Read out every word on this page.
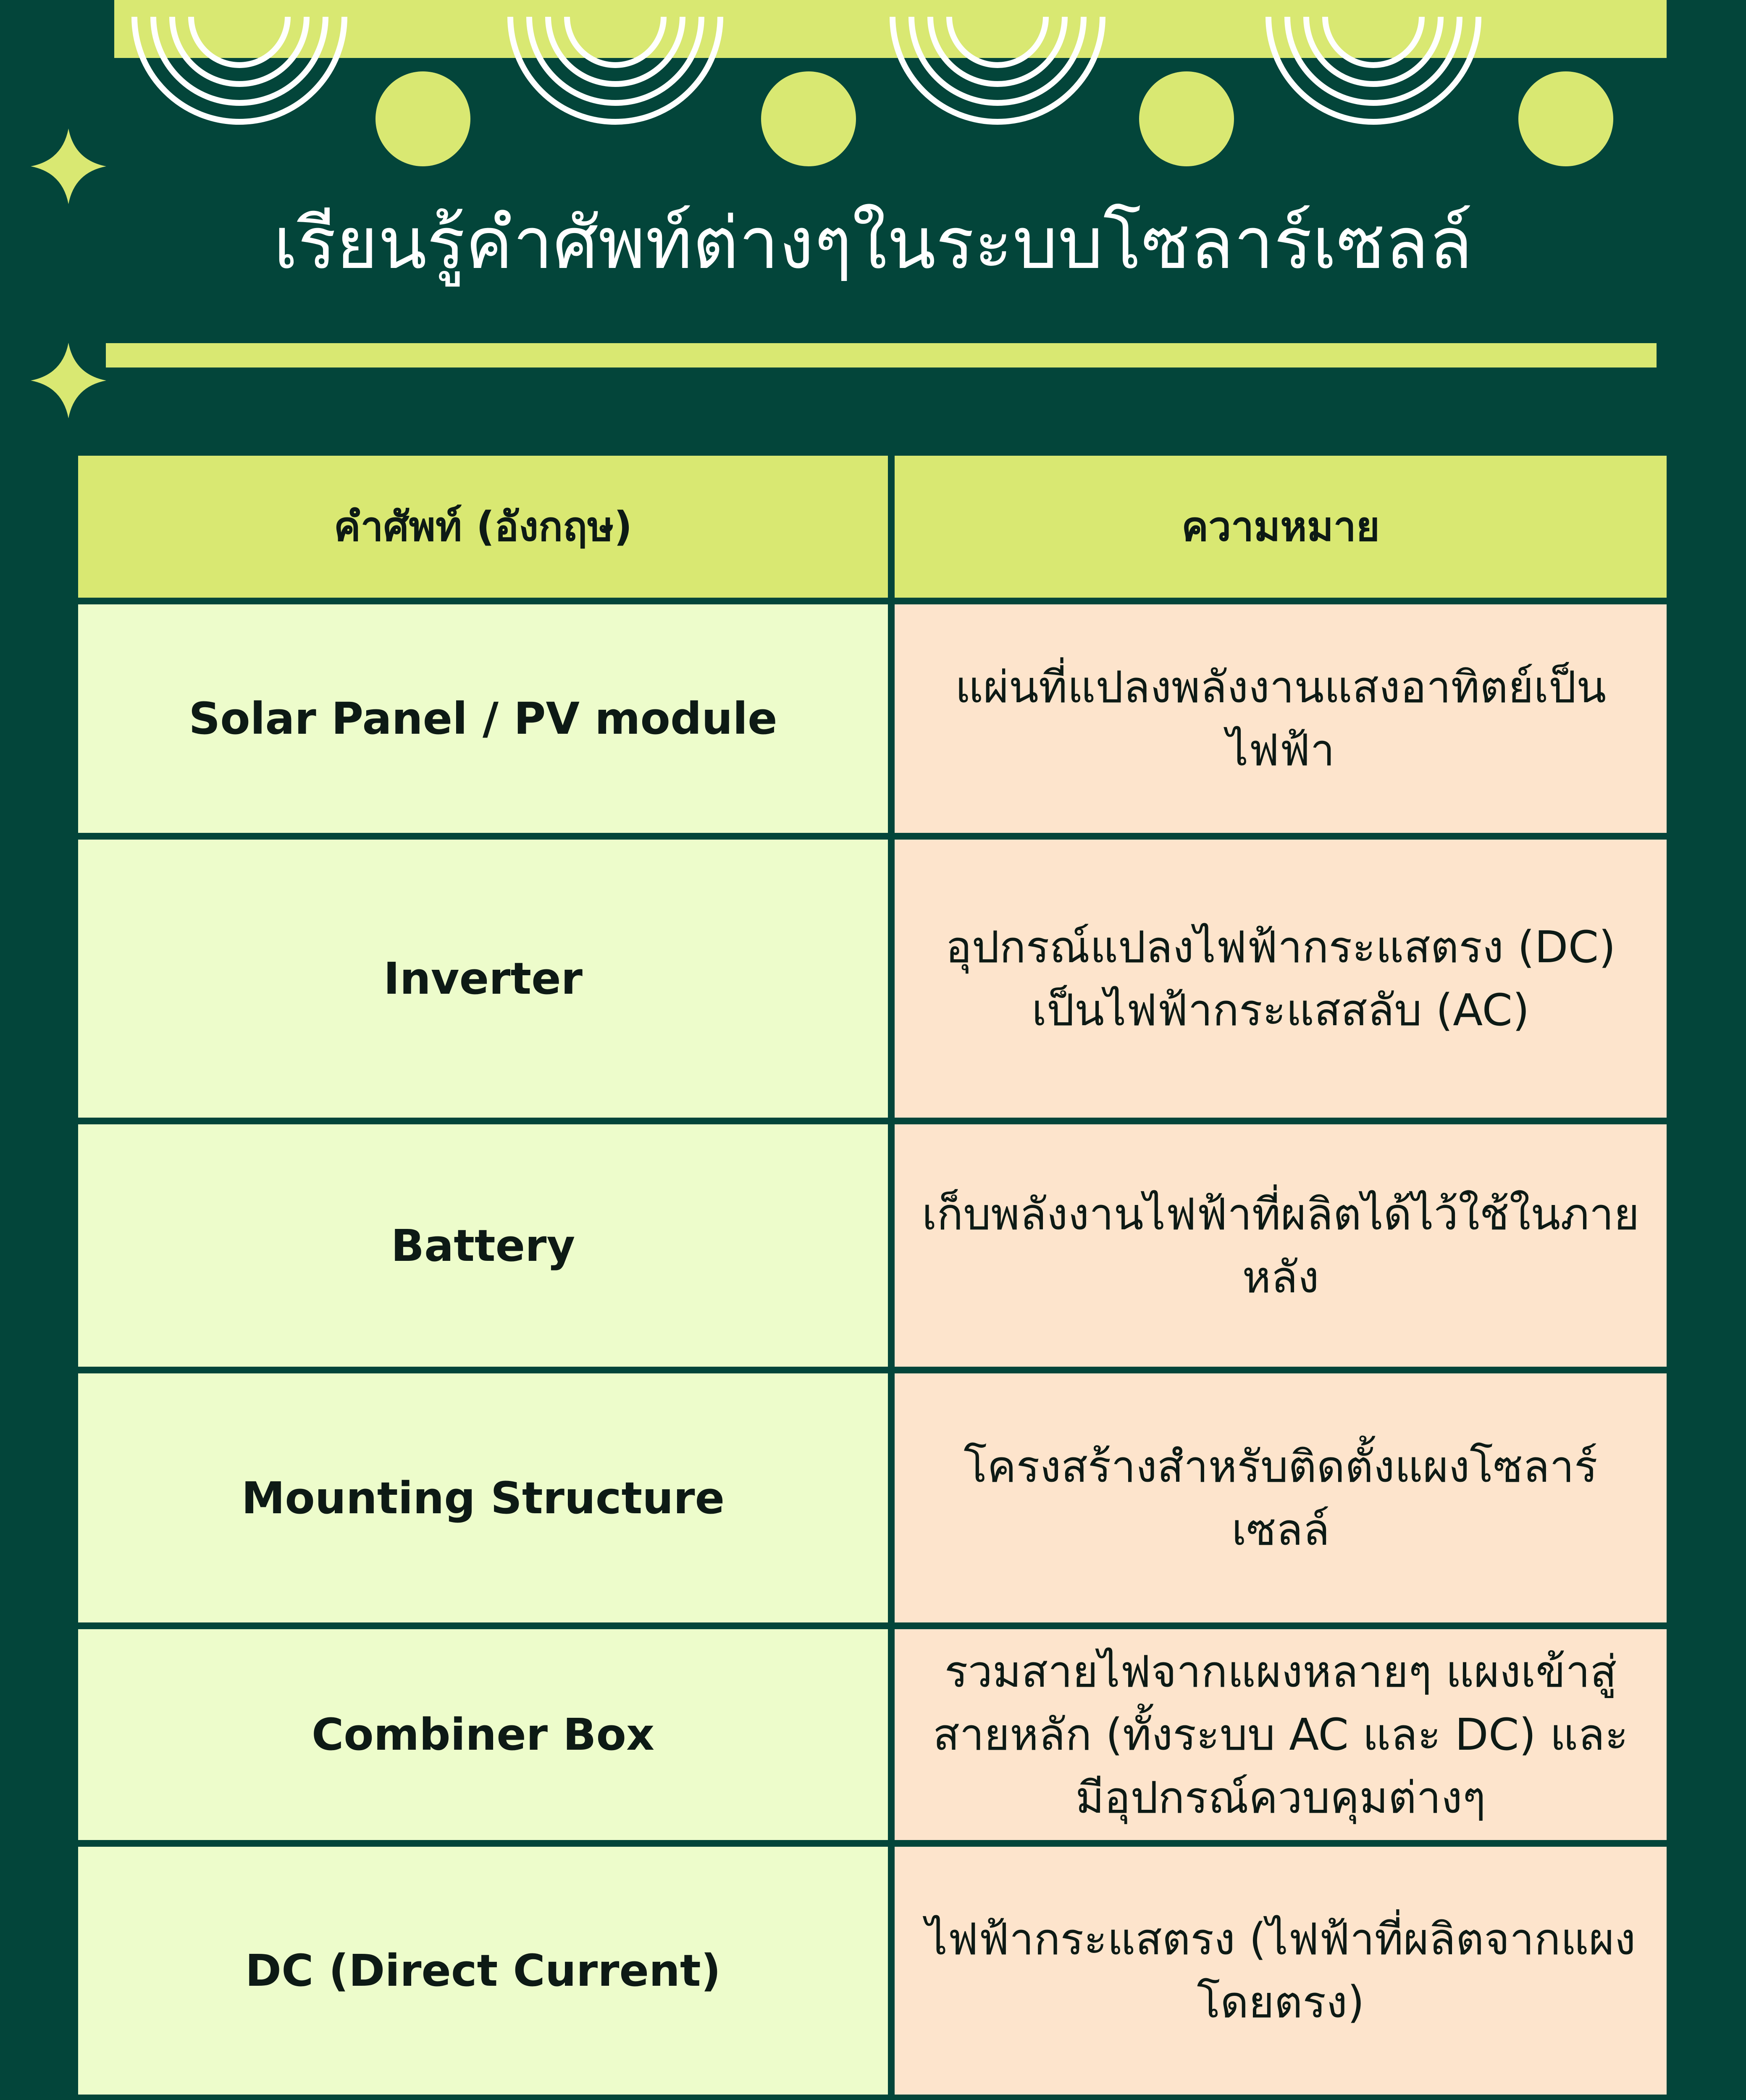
เรียนรู้คำศัพท์ต่างๆในระบบโซลาร์เซลล์
คำศัพท์ (อังกฤษ)	ความหมาย
Solar Panel / PV module
แผ่นที่แปลงพลังงานแสงอาทิตย์เป็นไฟฟ้า
Inverter
อุปกรณ์แปลงไฟฟ้ากระแสตรง (DC) เป็นไฟฟ้ากระแสสลับ (AC)
Battery
เก็บพลังงานไฟฟ้าที่ผลิตได้ไว้ใช้ในภายหลัง
Mounting Structure
โครงสร้างสำหรับติดตั้งแผงโซลาร์เซลล์
Combiner Box
รวมสายไฟจากแผงหลายๆ แผงเข้าสู่สายหลัก (ทั้งระบบ AC และ DC) และมีอุปกรณ์ควบคุมต่างๆ
DC (Direct Current)
ไฟฟ้ากระแสตรง (ไฟฟ้าที่ผลิตจากแผงโดยตรง)
